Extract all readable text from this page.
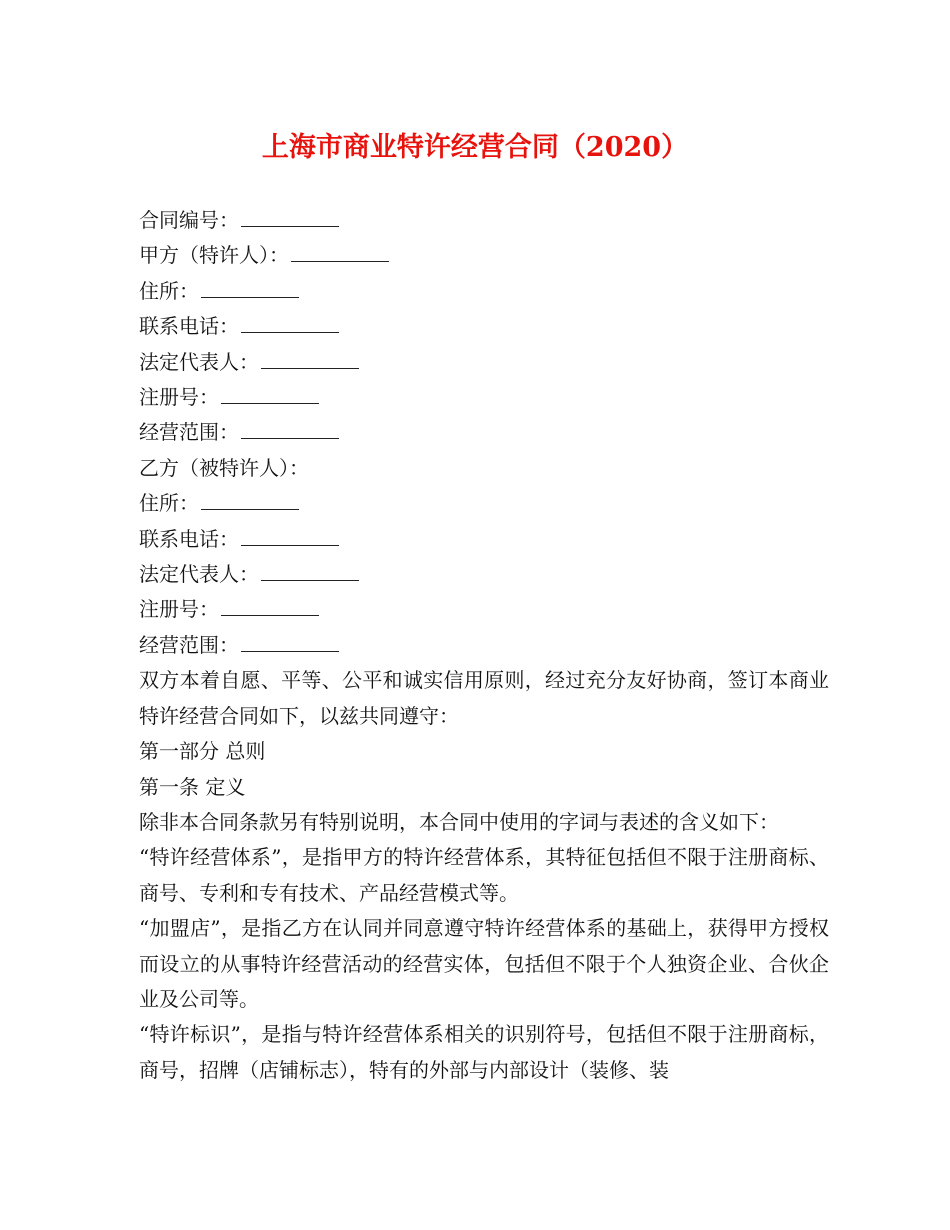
上海市商业特许经营合同（2020）

合同编号：

甲方（特许人）：

住所：

联系电话：

法定代表人：

注册号：

经营范围：

乙方（被特许人）：

住所：

联系电话：

法定代表人：

注册号：

经营范围：

双方本着自愿、平等、公平和诚实信用原则，经过充分友好协商，签订本商业特许经营合同如下，以兹共同遵守：

第一部分 总则

第一条 定义

除非本合同条款另有特别说明，本合同中使用的字词与表述的含义如下：

“特许经营体系”，是指甲方的特许经营体系，其特征包括但不限于注册商标、商号、专利和专有技术、产品经营模式等。

“加盟店”，是指乙方在认同并同意遵守特许经营体系的基础上，获得甲方授权而设立的从事特许经营活动的经营实体，包括但不限于个人独资企业、合伙企业及公司等。

“特许标识”，是指与特许经营体系相关的识别符号，包括但不限于注册商标，商号，招牌（店铺标志），特有的外部与内部设计（装修、装
